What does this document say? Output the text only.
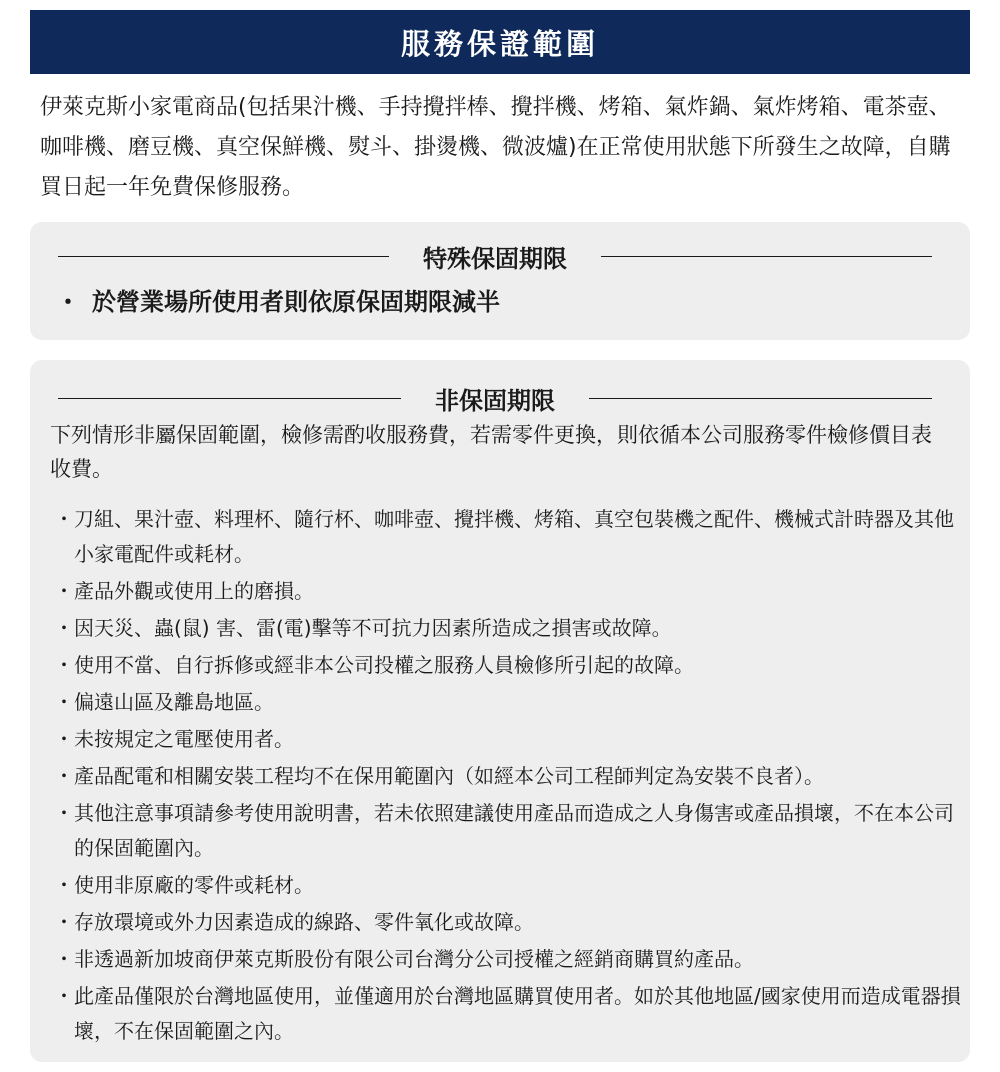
服務保證範圍
伊萊克斯小家電商品(包括果汁機、手持攪拌棒、攪拌機、烤箱、氣炸鍋、氣炸烤箱、電茶壺、咖啡機、磨豆機、真空保鮮機、熨斗、掛燙機、微波爐)在正常使用狀態下所發生之故障，自購買日起一年免費保修服務。
特殊保固期限
・ 於營業場所使用者則依原保固期限減半
非保固期限
下列情形非屬保固範圍，檢修需酌收服務費，若需零件更換，則依循本公司服務零件檢修價目表收費。
・ 刀組、果汁壺、料理杯、隨行杯、咖啡壺、攪拌機、烤箱、真空包裝機之配件、機械式計時器及其他小家電配件或耗材。
・ 產品外觀或使用上的磨損。
・ 因天災、蟲(鼠) 害、雷(電)擊等不可抗力因素所造成之損害或故障。
・ 使用不當、自行拆修或經非本公司投權之服務人員檢修所引起的故障。
・ 偏遠山區及離島地區。
・ 未按規定之電壓使用者。
・ 產品配電和相關安裝工程均不在保用範圍內（如經本公司工程師判定為安裝不良者）。
・ 其他注意事項請參考使用說明書，若未依照建議使用產品而造成之人身傷害或產品損壞，不在本公司的保固範圍內。
・ 使用非原廠的零件或耗材。
・ 存放環境或外力因素造成的線路、零件氧化或故障。
・ 非透過新加坡商伊萊克斯股份有限公司台灣分公司授權之經銷商購買約產品。
・ 此產品僅限於台灣地區使用，並僅適用於台灣地區購買使用者。如於其他地區/國家使用而造成電器損壞，不在保固範圍之內。
